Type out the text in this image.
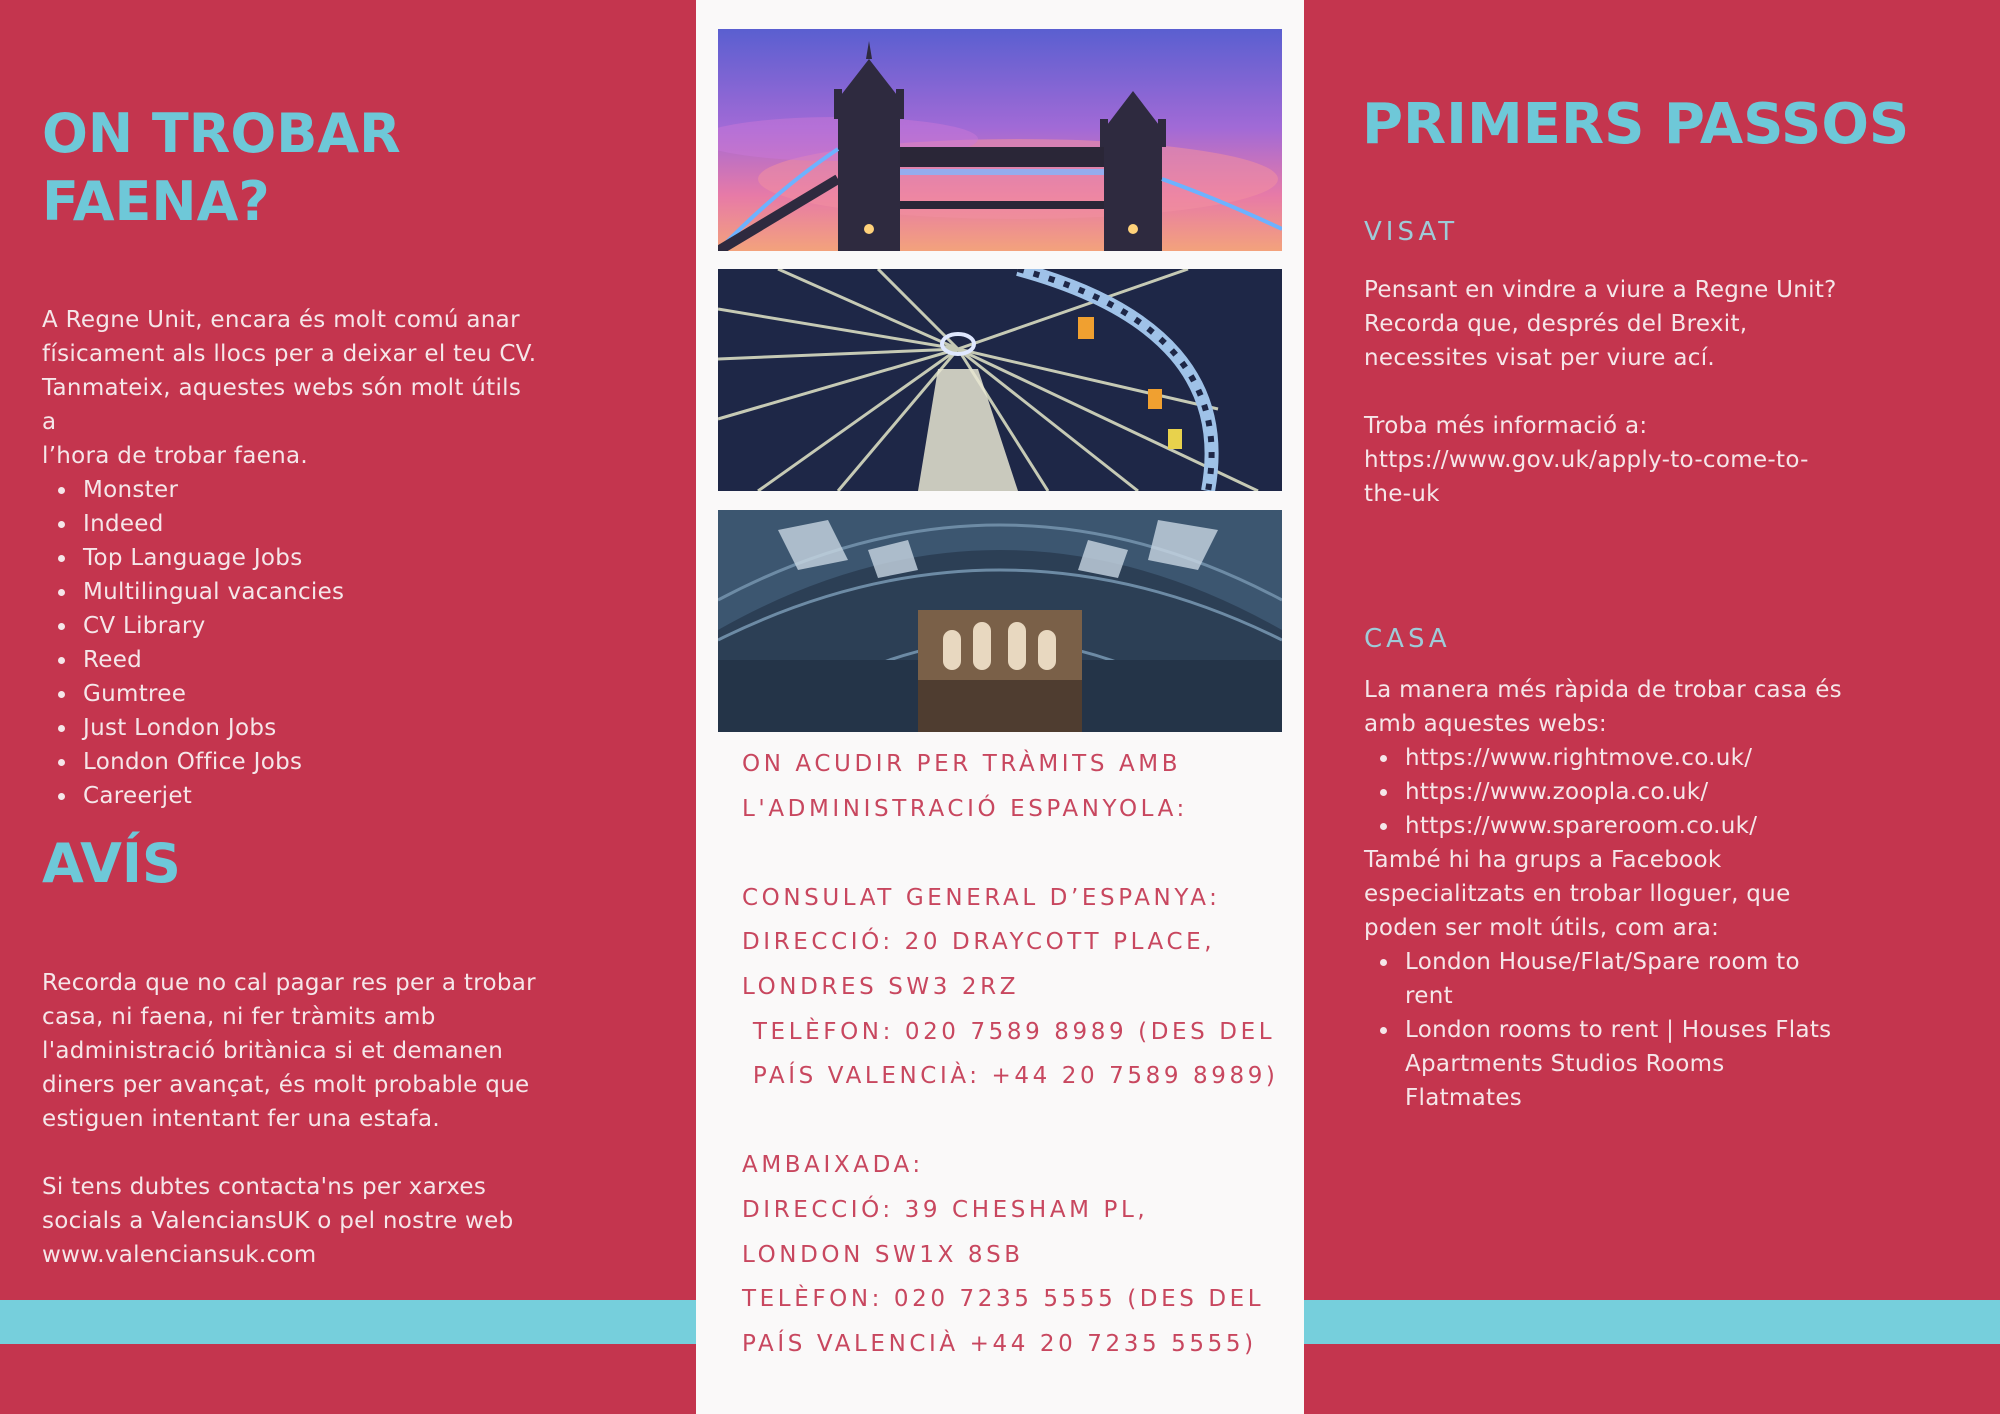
ON TROBAR
FAENA?
A Regne Unit, encara és molt comú anar
físicament als llocs per a deixar el teu CV.
Tanmateix, aquestes webs són molt útils a
l’hora de trobar faena.
Monster
Indeed
Top Language Jobs
Multilingual vacancies
CV Library
Reed
Gumtree
Just London Jobs
London Office Jobs
Careerjet
AVÍS
Recorda que no cal pagar res per a trobar
casa, ni faena, ni fer tràmits amb
l'administració britànica si et demanen
diners per avançat, és molt probable que
estiguen intentant fer una estafa.
Si tens dubtes contacta'ns per xarxes
socials a ValenciansUK o pel nostre web
www.valenciansuk.com
ON ACUDIR PER TRÀMITS AMB
L'ADMINISTRACIÓ ESPANYOLA:

CONSULAT GENERAL D’ESPANYA:
DIRECCIÓ: 20 DRAYCOTT PLACE,
LONDRES SW3 2RZ
TELÈFON: 020 7589 8989 (DES DEL
PAÍS VALENCIÀ: +44 20 7589 8989)

AMBAIXADA:
DIRECCIÓ: 39 CHESHAM PL,
LONDON SW1X 8SB
TELÈFON: 020 7235 5555 (DES DEL
PAÍS VALENCIÀ +44 20 7235 5555)
PRIMERS PASSOS
VISAT
Pensant en vindre a viure a Regne Unit?
Recorda que, després del Brexit,
necessites visat per viure ací.
Troba més informació a:
https://www.gov.uk/apply-to-come-to-
the-uk
CASA
La manera més ràpida de trobar casa és
amb aquestes webs:
https://www.rightmove.co.uk/
https://www.zoopla.co.uk/
https://www.spareroom.co.uk/
També hi ha grups a Facebook
especialitzats en trobar lloguer, que
poden ser molt útils, com ara:
London House/Flat/Spare room to
rent
London rooms to rent | Houses Flats
Apartments Studios Rooms
Flatmates
